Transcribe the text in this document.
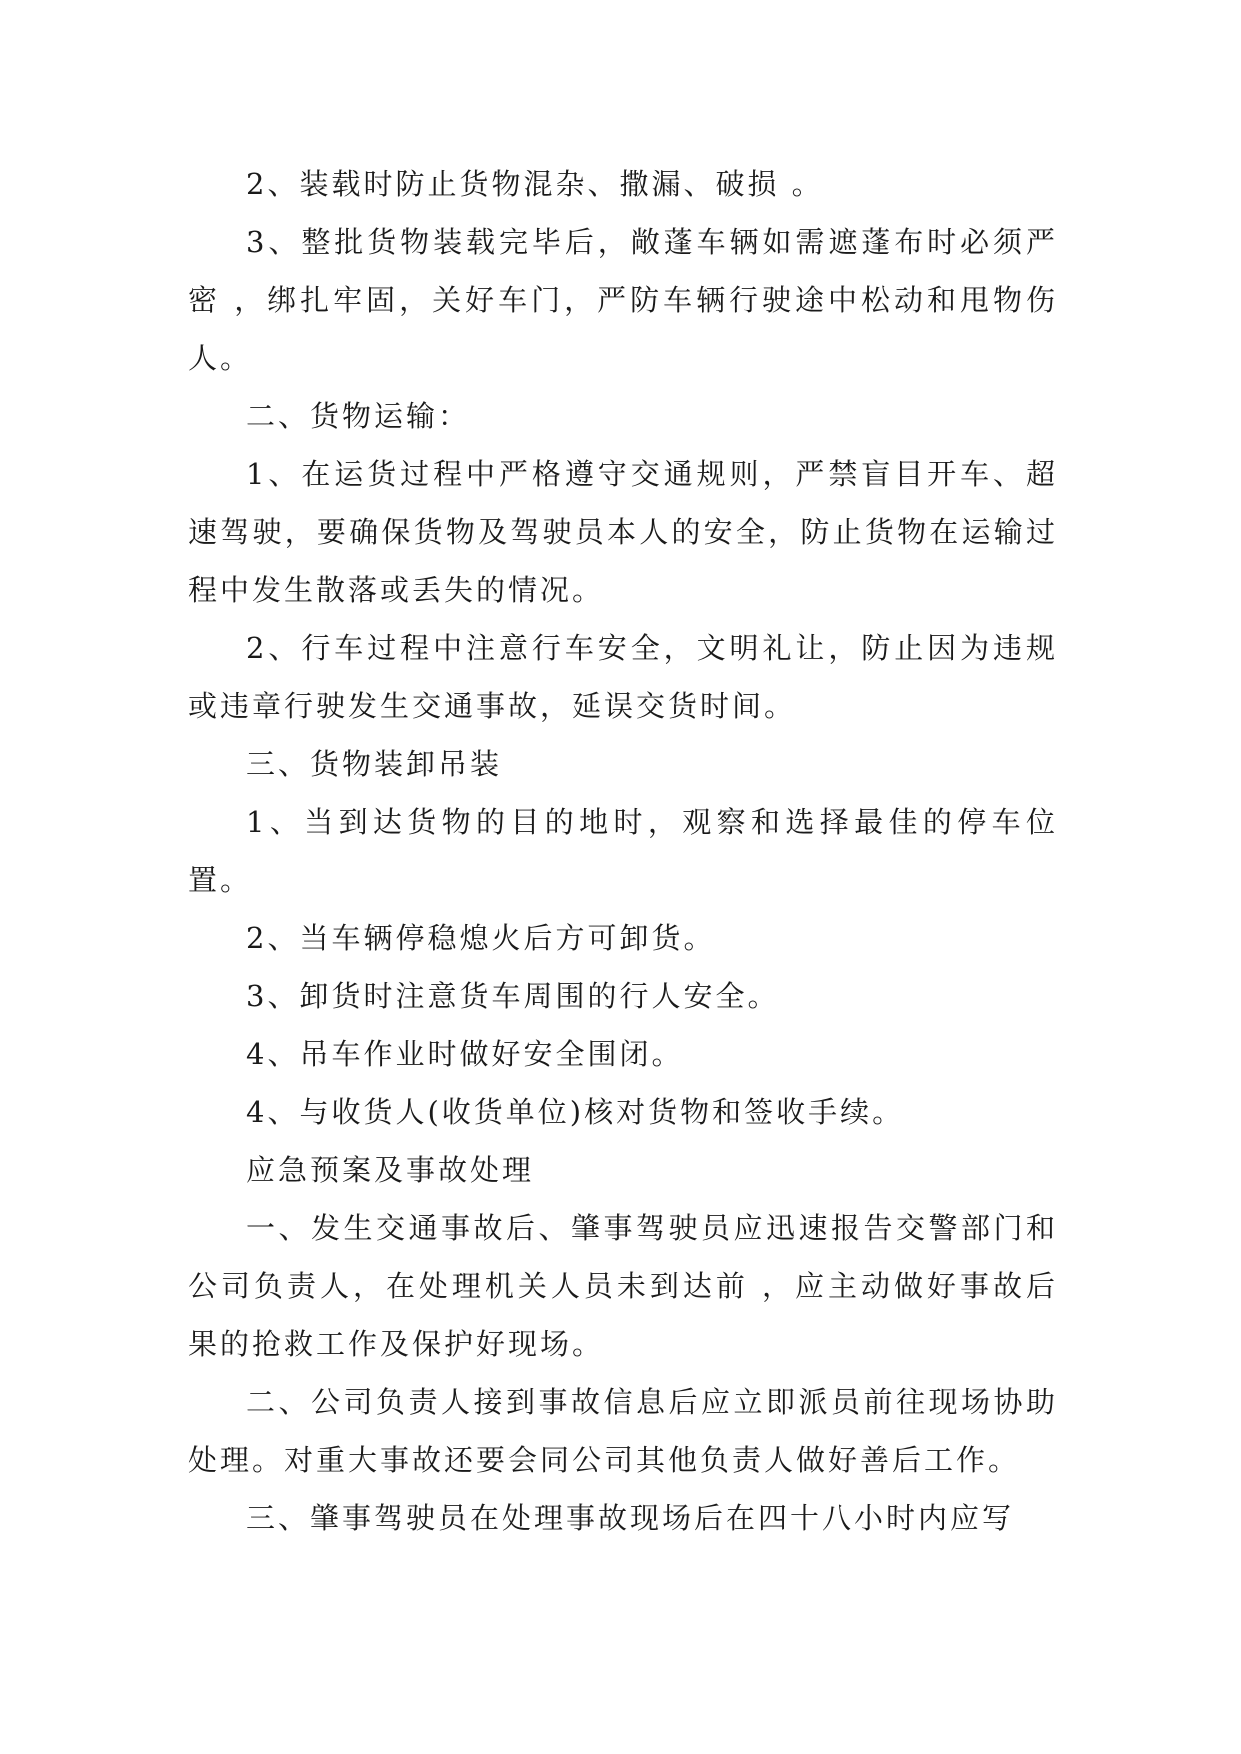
2、装载时防止货物混杂、撒漏、破损 。

3、整批货物装载完毕后，敞蓬车辆如需遮蓬布时必须严密 ，绑扎牢固，关好车门，严防车辆行驶途中松动和甩物伤人。

二、货物运输：

1、在运货过程中严格遵守交通规则，严禁盲目开车、超速驾驶，要确保货物及驾驶员本人的安全，防止货物在运输过程中发生散落或丢失的情况。

2、行车过程中注意行车安全，文明礼让，防止因为违规或违章行驶发生交通事故，延误交货时间。

三、货物装卸吊装

1、当到达货物的目的地时，观察和选择最佳的停车位置。

2、当车辆停稳熄火后方可卸货。

3、卸货时注意货车周围的行人安全。

4、吊车作业时做好安全围闭。

4、与收货人(收货单位)核对货物和签收手续。

应急预案及事故处理

一、发生交通事故后、肇事驾驶员应迅速报告交警部门和公司负责人，在处理机关人员未到达前 ，应主动做好事故后果的抢救工作及保护好现场。

二、公司负责人接到事故信息后应立即派员前往现场协助处理。对重大事故还要会同公司其他负责人做好善后工作。

三、肇事驾驶员在处理事故现场后在四十八小时内应写
